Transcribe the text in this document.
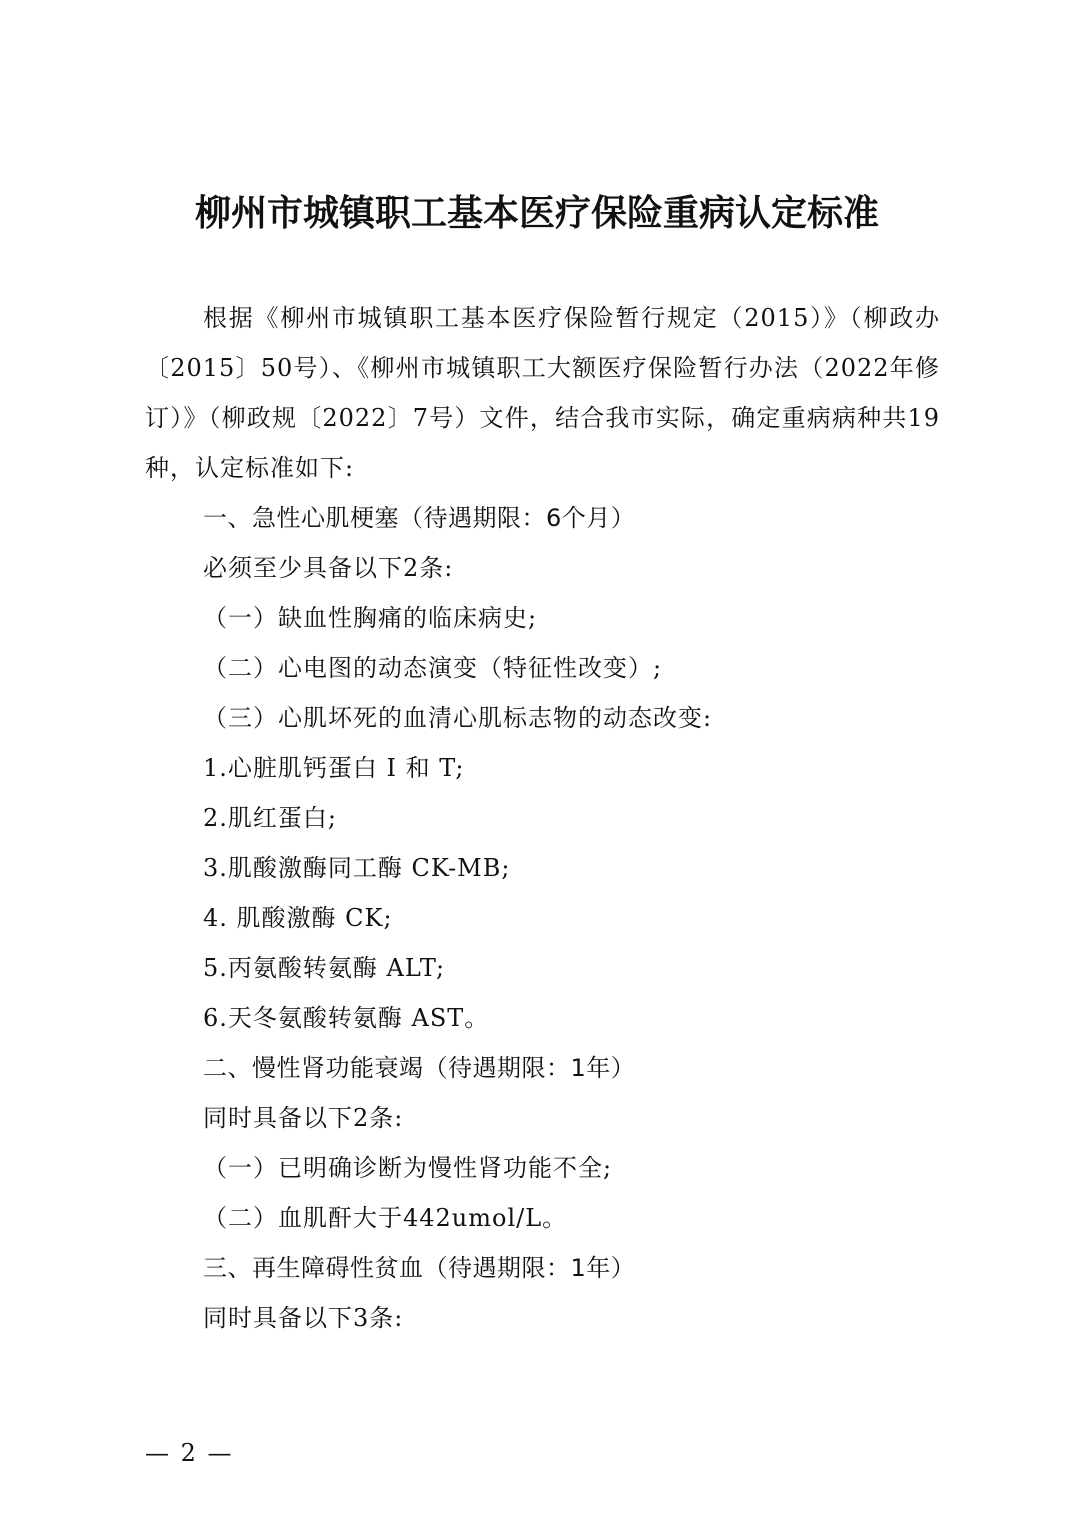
柳州市城镇职工基本医疗保险重病认定标准

根据《柳州市城镇职工基本医疗保险暂行规定（2015）》（柳政办〔2015〕50号）、《柳州市城镇职工大额医疗保险暂行办法（2022年修订）》（柳政规〔2022〕7号）文件，结合我市实际，确定重病病种共19种，认定标准如下:

一、急性心肌梗塞（待遇期限：6个月）

必须至少具备以下2条:

（一）缺血性胸痛的临床病史;

（二）心电图的动态演变（特征性改变）;

（三）心肌坏死的血清心肌标志物的动态改变:

1.心脏肌钙蛋白 I 和 T;

2.肌红蛋白;

3.肌酸激酶同工酶 CK-MB;

4. 肌酸激酶 CK;

5.丙氨酸转氨酶 ALT;

6.天冬氨酸转氨酶 AST。

二、慢性肾功能衰竭（待遇期限：1年）

同时具备以下2条:

（一）已明确诊断为慢性肾功能不全;

（二）血肌酐大于442umol/L。

三、再生障碍性贫血（待遇期限：1年）

同时具备以下3条:

— 2 —
